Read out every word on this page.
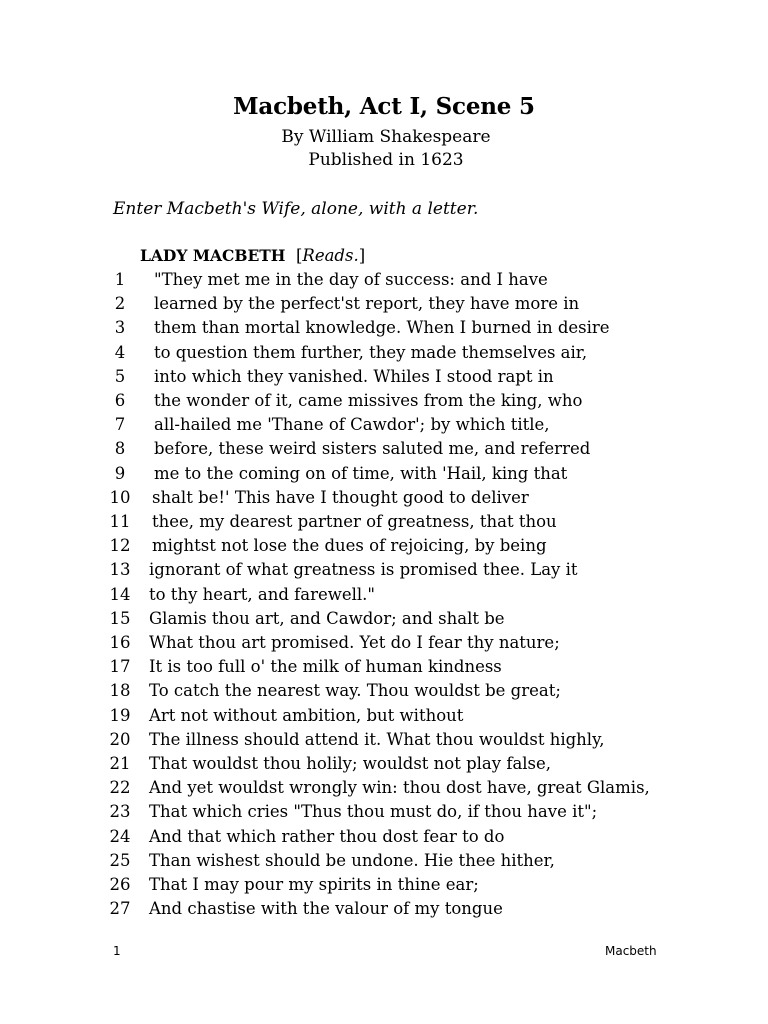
Macbeth, Act I, Scene 5
By William Shakespeare
Published in 1623
Enter Macbeth's Wife, alone, with a letter.
LADY MACBETH [Reads.]
1	"They met me in the day of success: and I have
2	learned by the perfect'st report, they have more in
3	them than mortal knowledge. When I burned in desire
4	to question them further, they made themselves air,
5	into which they vanished. Whiles I stood rapt in
6	the wonder of it, came missives from the king, who
7	all-hailed me 'Thane of Cawdor'; by which title,
8	before, these weird sisters saluted me, and referred
9	me to the coming on of time, with 'Hail, king that
10	shalt be!' This have I thought good to deliver
11	thee, my dearest partner of greatness, that thou
12	mightst not lose the dues of rejoicing, by being
13	ignorant of what greatness is promised thee. Lay it
14	to thy heart, and farewell."
15	Glamis thou art, and Cawdor; and shalt be
16	What thou art promised. Yet do I fear thy nature;
17	It is too full o' the milk of human kindness
18	To catch the nearest way. Thou wouldst be great;
19	Art not without ambition, but without
20	The illness should attend it. What thou wouldst highly,
21	That wouldst thou holily; wouldst not play false,
22	And yet wouldst wrongly win: thou dost have, great Glamis,
23	That which cries "Thus thou must do, if thou have it";
24	And that which rather thou dost fear to do
25	Than wishest should be undone. Hie thee hither,
26	That I may pour my spirits in thine ear;
27	And chastise with the valour of my tongue
1	Macbeth
